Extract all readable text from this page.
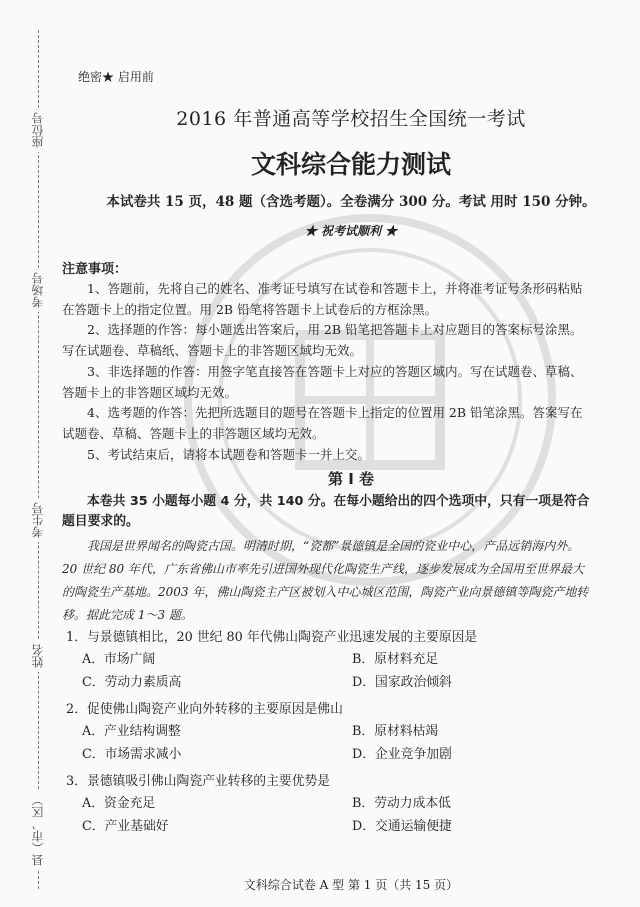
座位号
考场号
考生号
姓名
县（市、区）
绝密★ 启用前
2016 年普通高等学校招生全国统一考试
文科综合能力测试
本试卷共 15 页，48 题（含选考题）。全卷满分 300 分。考试 用时 150 分钟。
★ 祝考试顺利 ★
注意事项：

1、答题前，先将自己的姓名、准考证号填写在试卷和答题卡上，并将准考证号条形码粘贴在答题卡上的指定位置。用 2B 铅笔将答题卡上试卷后的方框涂黑。

2、选择题的作答：每小题选出答案后，用 2B 铅笔把答题卡上对应题目的答案标号涂黑。写在试题卷、草稿纸、答题卡上的非答题区域均无效。

3、非选择题的作答：用签字笔直接答在答题卡上对应的答题区域内。写在试题卷、草稿、答题卡上的非答题区域均无效。

4、选考题的作答：先把所选题目的题号在答题卡上指定的位置用 2B 铅笔涂黑。答案写在试题卷、草稿、答题卡上的非答题区域均无效。

5、考试结束后，请将本试题卷和答题卡一并上交。

第 I 卷
本卷共 35 小题每小题 4 分，共 140 分。在每小题给出的四个选项中，只有一项是符合题目要求的。
我国是世界闻名的陶瓷古国。明清时期，“瓷都”景德镇是全国的瓷业中心，产品远销海内外。20 世纪 80 年代，广东省佛山市率先引进国外现代化陶瓷生产线，逐步发展成为全国用至世界最大的陶瓷生产基地。2003 年，佛山陶瓷主产区被划入中心城区范围，陶瓷产业向景德镇等陶瓷产地转移。据此完成 1～3 题。
1．与景德镇相比，20 世纪 80 年代佛山陶瓷产业迅速发展的主要原因是
A．市场广阔	B．原材料充足
C．劳动力素质高	D．国家政治倾斜
2．促使佛山陶瓷产业向外转移的主要原因是佛山
A．产业结构调整	B．原材料枯竭
C．市场需求减小	D．企业竞争加剧
3．景德镇吸引佛山陶瓷产业转移的主要优势是
A．资金充足	B．劳动力成本低
C．产业基础好	D．交通运输便捷
文科综合试卷 A 型 第 1 页（共 15 页）
